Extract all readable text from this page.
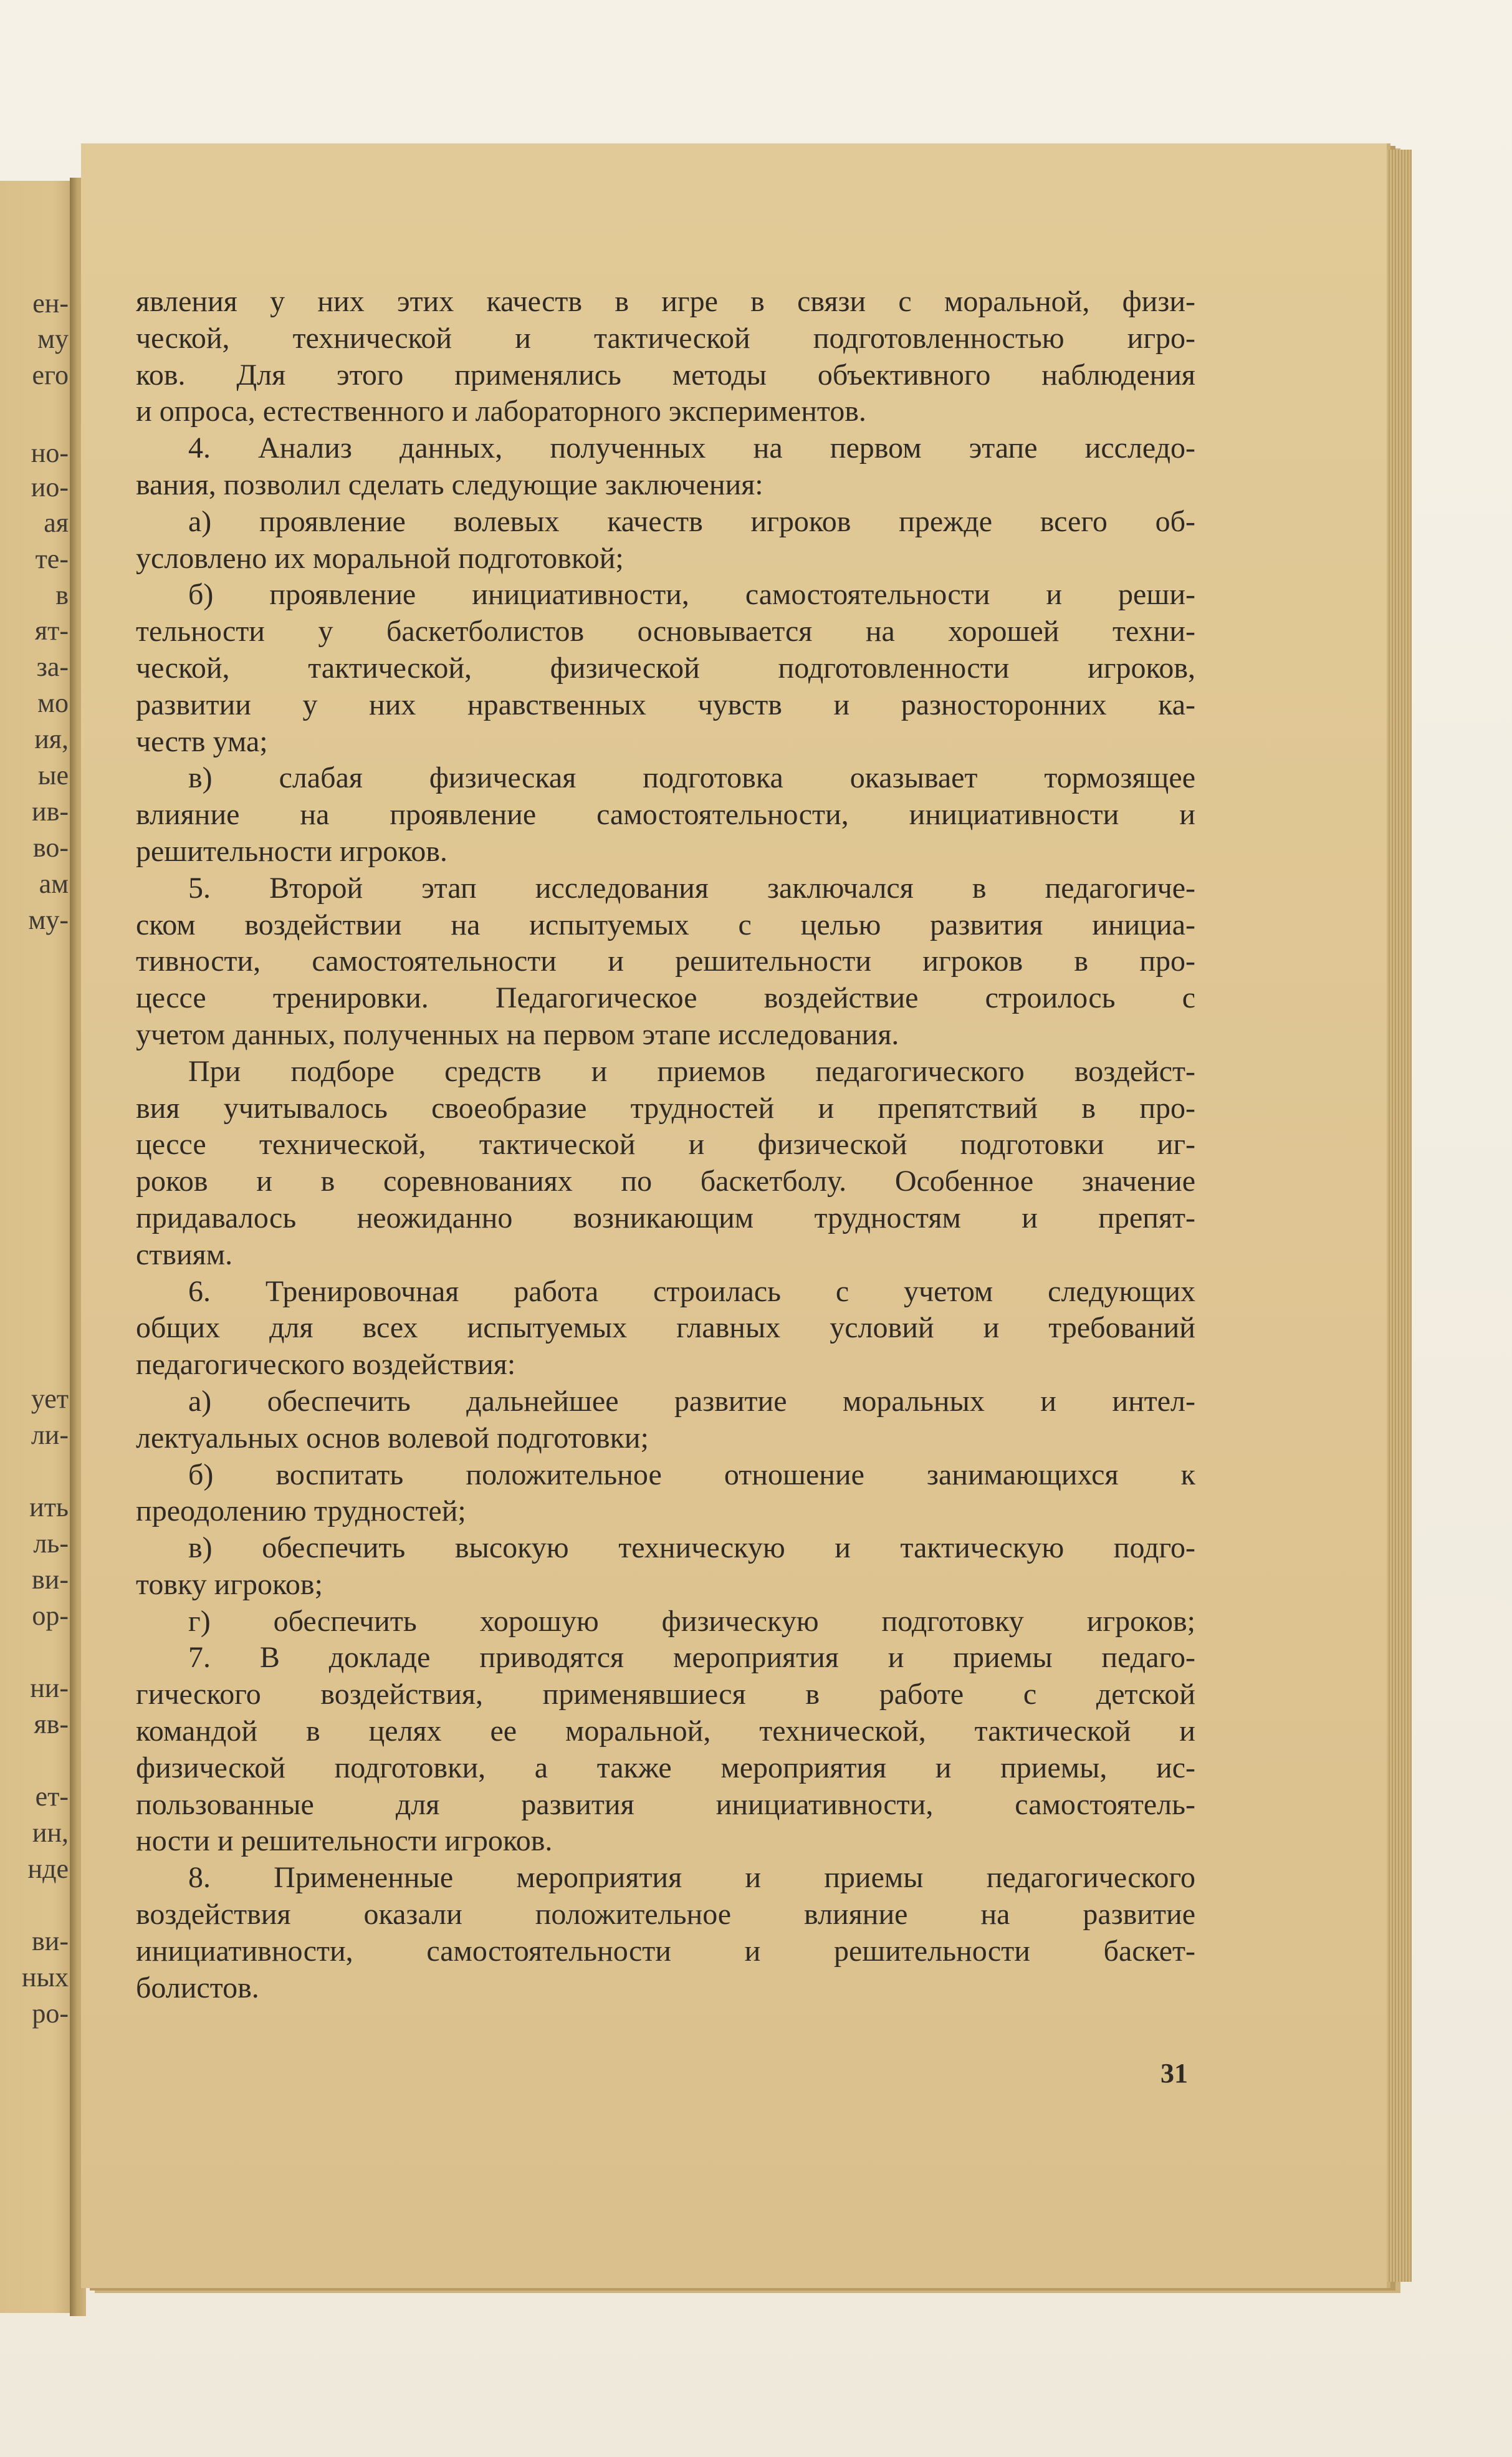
ен-
му
его
но-
ио-
ая
те-
в
ят-
за-
мо
ия,
ые
ив-
во-
ам
му-
ует
ли-
ить
ль-
ви-
ор-
ни-
яв-
ет-
ин,
нде
ви-
ных
ро-
явления у них этих качеств в игре в связи с моральной, физи-
ческой, технической и тактической подготовленностью игро-
ков. Для этого применялись методы объективного наблюдения
и опроса, естественного и лабораторного экспериментов.
4. Анализ данных, полученных на первом этапе исследо-
вания, позволил сделать следующие заключения:
а) проявление волевых качеств игроков прежде всего об-
условлено их моральной подготовкой;
б) проявление инициативности, самостоятельности и реши-
тельности у баскетболистов основывается на хорошей техни-
ческой, тактической, физической подготовленности игроков,
развитии у них нравственных чувств и разносторонних ка-
честв ума;
в) слабая физическая подготовка оказывает тормозящее
влияние на проявление самостоятельности, инициативности и
решительности игроков.
5. Второй этап исследования заключался в педагогиче-
ском воздействии на испытуемых с целью развития инициа-
тивности, самостоятельности и решительности игроков в про-
цессе тренировки. Педагогическое воздействие строилось с
учетом данных, полученных на первом этапе исследования.
При подборе средств и приемов педагогического воздейст-
вия учитывалось своеобразие трудностей и препятствий в про-
цессе технической, тактической и физической подготовки иг-
роков и в соревнованиях по баскетболу. Особенное значение
придавалось неожиданно возникающим трудностям и препят-
ствиям.
6. Тренировочная работа строилась с учетом следующих
общих для всех испытуемых главных условий и требований
педагогического воздействия:
а) обеспечить дальнейшее развитие моральных и интел-
лектуальных основ волевой подготовки;
б) воспитать положительное отношение занимающихся к
преодолению трудностей;
в) обеспечить высокую техническую и тактическую подго-
товку игроков;
г) обеспечить хорошую физическую подготовку игроков;
7. В докладе приводятся мероприятия и приемы педаго-
гического воздействия, применявшиеся в работе с детской
командой в целях ее моральной, технической, тактической и
физической подготовки, а также мероприятия и приемы, ис-
пользованные для развития инициативности, самостоятель-
ности и решительности игроков.
8. Примененные мероприятия и приемы педагогического
воздействия оказали положительное влияние на развитие
инициативности, самостоятельности и решительности баскет-
болистов.
31
